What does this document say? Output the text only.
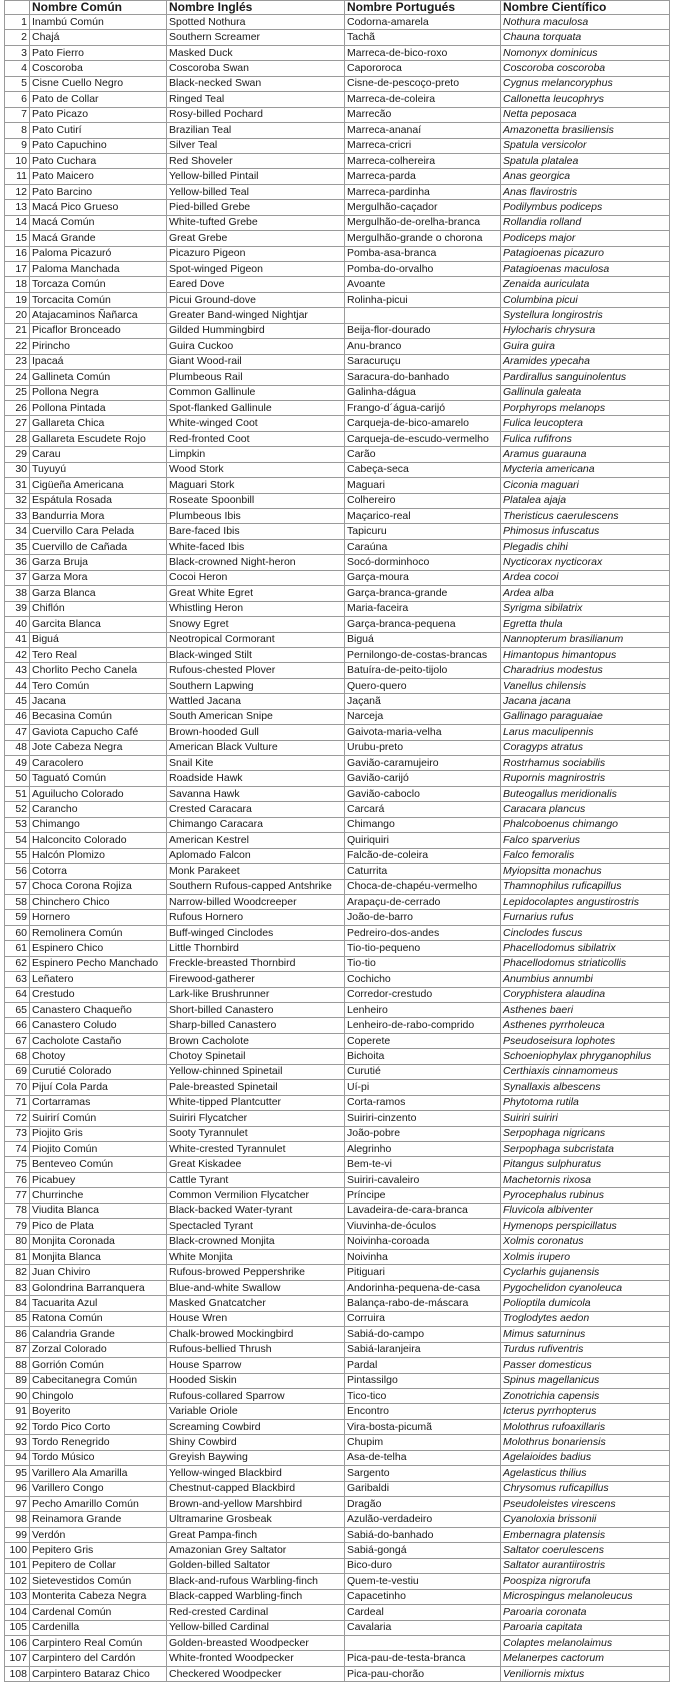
	Nombre Común	Nombre Inglés	Nombre Portugués	Nombre Científico
1	Inambú Común	Spotted Nothura	Codorna-amarela	Nothura maculosa
2	Chajá	Southern Screamer	Tachã	Chauna torquata
3	Pato Fierro	Masked Duck	Marreca-de-bico-roxo	Nomonyx dominicus
4	Coscoroba	Coscoroba Swan	Capororoca	Coscoroba coscoroba
5	Cisne Cuello Negro	Black-necked Swan	Cisne-de-pescoço-preto	Cygnus melancoryphus
6	Pato de Collar	Ringed Teal	Marreca-de-coleira	Callonetta leucophrys
7	Pato Picazo	Rosy-billed Pochard	Marrecão	Netta peposaca
8	Pato Cutirí	Brazilian Teal	Marreca-ananaí	Amazonetta brasiliensis
9	Pato Capuchino	Silver Teal	Marreca-cricri	Spatula versicolor
10	Pato Cuchara	Red Shoveler	Marreca-colhereira	Spatula platalea
11	Pato Maicero	Yellow-billed Pintail	Marreca-parda	Anas georgica
12	Pato Barcino	Yellow-billed Teal	Marreca-pardinha	Anas flavirostris
13	Macá Pico Grueso	Pied-billed Grebe	Mergulhão-caçador	Podilymbus podiceps
14	Macá Común	White-tufted Grebe	Mergulhão-de-orelha-branca	Rollandia rolland
15	Macá Grande	Great Grebe	Mergulhão-grande o chorona	Podiceps major
16	Paloma Picazuró	Picazuro Pigeon	Pomba-asa-branca	Patagioenas picazuro
17	Paloma Manchada	Spot-winged Pigeon	Pomba-do-orvalho	Patagioenas maculosa
18	Torcaza Común	Eared Dove	Avoante	Zenaida auriculata
19	Torcacita Común	Picui Ground-dove	Rolinha-picui	Columbina picui
20	Atajacaminos Ñañarca	Greater Band-winged Nightjar		Systellura longirostris
21	Picaflor Bronceado	Gilded Hummingbird	Beija-flor-dourado	Hylocharis chrysura
22	Pirincho	Guira Cuckoo	Anu-branco	Guira guira
23	Ipacaá	Giant Wood-rail	Saracuruçu	Aramides ypecaha
24	Gallineta Común	Plumbeous Rail	Saracura-do-banhado	Pardirallus sanguinolentus
25	Pollona Negra	Common Gallinule	Galinha-dágua	Gallinula galeata
26	Pollona Pintada	Spot-flanked Gallinule	Frango-d´água-carijó	Porphyrops melanops
27	Gallareta Chica	White-winged Coot	Carqueja-de-bico-amarelo	Fulica leucoptera
28	Gallareta Escudete Rojo	Red-fronted Coot	Carqueja-de-escudo-vermelho	Fulica rufifrons
29	Carau	Limpkin	Carão	Aramus guarauna
30	Tuyuyú	Wood Stork	Cabeça-seca	Mycteria americana
31	Cigüeña Americana	Maguari Stork	Maguari	Ciconia maguari
32	Espátula Rosada	Roseate Spoonbill	Colhereiro	Platalea ajaja
33	Bandurria Mora	Plumbeous Ibis	Maçarico-real	Theristicus caerulescens
34	Cuervillo Cara Pelada	Bare-faced Ibis	Tapicuru	Phimosus infuscatus
35	Cuervillo de Cañada	White-faced Ibis	Caraúna	Plegadis chihi
36	Garza Bruja	Black-crowned Night-heron	Socó-dorminhoco	Nycticorax nycticorax
37	Garza Mora	Cocoi Heron	Garça-moura	Ardea cocoi
38	Garza Blanca	Great White Egret	Garça-branca-grande	Ardea alba
39	Chiflón	Whistling Heron	Maria-faceira	Syrigma sibilatrix
40	Garcita Blanca	Snowy Egret	Garça-branca-pequena	Egretta thula
41	Biguá	Neotropical Cormorant	Biguá	Nannopterum brasilianum
42	Tero Real	Black-winged Stilt	Pernilongo-de-costas-brancas	Himantopus himantopus
43	Chorlito Pecho Canela	Rufous-chested Plover	Batuíra-de-peito-tijolo	Charadrius modestus
44	Tero Común	Southern Lapwing	Quero-quero	Vanellus chilensis
45	Jacana	Wattled Jacana	Jaçanã	Jacana jacana
46	Becasina Común	South American Snipe	Narceja	Gallinago paraguaiae
47	Gaviota Capucho Café	Brown-hooded Gull	Gaivota-maria-velha	Larus maculipennis
48	Jote Cabeza Negra	American Black Vulture	Urubu-preto	Coragyps atratus
49	Caracolero	Snail Kite	Gavião-caramujeiro	Rostrhamus sociabilis
50	Taguató Común	Roadside Hawk	Gavião-carijó	Rupornis magnirostris
51	Aguilucho Colorado	Savanna Hawk	Gavião-caboclo	Buteogallus meridionalis
52	Carancho	Crested Caracara	Carcará	Caracara plancus
53	Chimango	Chimango Caracara	Chimango	Phalcoboenus chimango
54	Halconcito Colorado	American Kestrel	Quiriquiri	Falco sparverius
55	Halcón Plomizo	Aplomado Falcon	Falcão-de-coleira	Falco femoralis
56	Cotorra	Monk Parakeet	Caturrita	Myiopsitta monachus
57	Choca Corona Rojiza	Southern Rufous-capped Antshrike	Choca-de-chapéu-vermelho	Thamnophilus ruficapillus
58	Chinchero Chico	Narrow-billed Woodcreeper	Arapaçu-de-cerrado	Lepidocolaptes angustirostris
59	Hornero	Rufous Hornero	João-de-barro	Furnarius rufus
60	Remolinera Común	Buff-winged Cinclodes	Pedreiro-dos-andes	Cinclodes fuscus
61	Espinero Chico	Little Thornbird	Tio-tio-pequeno	Phacellodomus sibilatrix
62	Espinero Pecho Manchado	Freckle-breasted Thornbird	Tio-tio	Phacellodomus striaticollis
63	Leñatero	Firewood-gatherer	Cochicho	Anumbius annumbi
64	Crestudo	Lark-like Brushrunner	Corredor-crestudo	Coryphistera alaudina
65	Canastero Chaqueño	Short-billed Canastero	Lenheiro	Asthenes baeri
66	Canastero Coludo	Sharp-billed Canastero	Lenheiro-de-rabo-comprido	Asthenes pyrrholeuca
67	Cacholote Castaño	Brown Cacholote	Coperete	Pseudoseisura lophotes
68	Chotoy	Chotoy Spinetail	Bichoita	Schoeniophylax phryganophilus
69	Curutié Colorado	Yellow-chinned Spinetail	Curutié	Certhiaxis cinnamomeus
70	Pijuí Cola Parda	Pale-breasted Spinetail	Uí-pi	Synallaxis albescens
71	Cortarramas	White-tipped Plantcutter	Corta-ramos	Phytotoma rutila
72	Suirirí Común	Suiriri Flycatcher	Suiriri-cinzento	Suiriri suiriri
73	Piojito Gris	Sooty Tyrannulet	João-pobre	Serpophaga nigricans
74	Piojito Común	White-crested Tyrannulet	Alegrinho	Serpophaga subcristata
75	Benteveo Común	Great Kiskadee	Bem-te-vi	Pitangus sulphuratus
76	Picabuey	Cattle Tyrant	Suiriri-cavaleiro	Machetornis rixosa
77	Churrinche	Common Vermilion Flycatcher	Príncipe	Pyrocephalus rubinus
78	Viudita Blanca	Black-backed Water-tyrant	Lavadeira-de-cara-branca	Fluvicola albiventer
79	Pico de Plata	Spectacled Tyrant	Viuvinha-de-óculos	Hymenops perspicillatus
80	Monjita Coronada	Black-crowned Monjita	Noivinha-coroada	Xolmis coronatus
81	Monjita Blanca	White Monjita	Noivinha	Xolmis irupero
82	Juan Chiviro	Rufous-browed Peppershrike	Pitiguari	Cyclarhis gujanensis
83	Golondrina Barranquera	Blue-and-white Swallow	Andorinha-pequena-de-casa	Pygochelidon cyanoleuca
84	Tacuarita Azul	Masked Gnatcatcher	Balança-rabo-de-máscara	Polioptila dumicola
85	Ratona Común	House Wren	Corruira	Troglodytes aedon
86	Calandria Grande	Chalk-browed Mockingbird	Sabiá-do-campo	Mimus saturninus
87	Zorzal Colorado	Rufous-bellied Thrush	Sabiá-laranjeira	Turdus rufiventris
88	Gorrión Común	House Sparrow	Pardal	Passer domesticus
89	Cabecitanegra Común	Hooded Siskin	Pintassilgo	Spinus magellanicus
90	Chingolo	Rufous-collared Sparrow	Tico-tico	Zonotrichia capensis
91	Boyerito	Variable Oriole	Encontro	Icterus pyrrhopterus
92	Tordo Pico Corto	Screaming Cowbird	Vira-bosta-picumã	Molothrus rufoaxillaris
93	Tordo Renegrido	Shiny Cowbird	Chupim	Molothrus bonariensis
94	Tordo Músico	Greyish Baywing	Asa-de-telha	Agelaioides badius
95	Varillero Ala Amarilla	Yellow-winged Blackbird	Sargento	Agelasticus thilius
96	Varillero Congo	Chestnut-capped Blackbird	Garibaldi	Chrysomus ruficapillus
97	Pecho Amarillo Común	Brown-and-yellow Marshbird	Dragão	Pseudoleistes virescens
98	Reinamora Grande	Ultramarine Grosbeak	Azulão-verdadeiro	Cyanoloxia brissonii
99	Verdón	Great Pampa-finch	Sabiá-do-banhado	Embernagra platensis
100	Pepitero Gris	Amazonian Grey Saltator	Sabiá-gongá	Saltator coerulescens
101	Pepitero de Collar	Golden-billed Saltator	Bico-duro	Saltator aurantiirostris
102	Sietevestidos Común	Black-and-rufous Warbling-finch	Quem-te-vestiu	Poospiza nigrorufa
103	Monterita Cabeza Negra	Black-capped Warbling-finch	Capacetinho	Microspingus melanoleucus
104	Cardenal Común	Red-crested Cardinal	Cardeal	Paroaria coronata
105	Cardenilla	Yellow-billed Cardinal	Cavalaria	Paroaria capitata
106	Carpintero Real Común	Golden-breasted Woodpecker		Colaptes melanolaimus
107	Carpintero del Cardón	White-fronted Woodpecker	Pica-pau-de-testa-branca	Melanerpes cactorum
108	Carpintero Bataraz Chico	Checkered Woodpecker	Pica-pau-chorão	Veniliornis mixtus
